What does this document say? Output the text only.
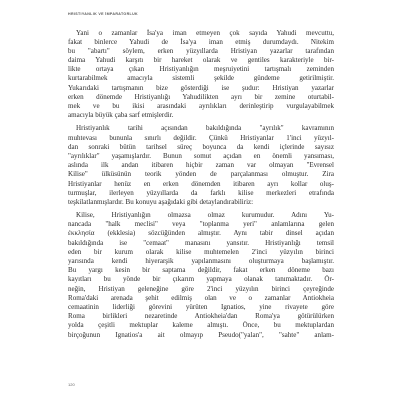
HRISTIYANLIK VE İMPARATORLUK
Yani o zamanlar İsa'ya iman etmeyen çok sayıda Yahudi mevcuttu,
fakat binlerce Yahudi de İsa'ya iman etmiş durumdaydı. Nitekim
bu "abartı" söylem, erken yüzyıllarda Hristiyan yazarlar tarafından
daima Yahudi karşıtı bir hareket olarak ve gentiles karakteriyle bir-
likte ortaya çıkan Hristiyanlığın meşruiyetini tartışmalı zeminden
kurtarabilmek amacıyla sistemli şekilde gündeme getirilmiştir.
Yukarıdaki tartışmanın bize gösterdiği ise şudur: Hristiyan yazarlar
erken dönemde Hristiyanlığı Yahudilikten ayrı bir zemine oturtabil-
mek ve bu ikisi arasındaki ayrılıkları derinleştirip vurgulayabilmek
amacıyla büyük çaba sarf etmişlerdir.
Hristiyanlık tarihi açısından bakıldığında "ayrılık" kavramının
muhtevası bununla sınırlı değildir. Çünkü Hristiyanlar 1'inci yüzyıl-
dan sonraki bütün tarihsel süreç boyunca da kendi içlerinde sayısız
"ayrılıklar" yaşamışlardır. Bunun somut açıdan en önemli yansıması,
aslında ilk andan itibaren hiçbir zaman var olmayan "Evrensel
Kilise" ülküsünün teorik yönden de parçalanması olmuştur. Zira
Hristiyanlar henüz en erken dönemden itibaren ayrı kollar oluş-
turmuşlar, ilerleyen yüzyıllarda da farklı kilise merkezleri etrafında
teşkilatlanmışlardır. Bu konuyu aşağıdaki gibi detaylandırabiliriz:
Kilise, Hristiyanlığın olmazsa olmaz kurumudur. Adını Yu-
nancada "halk meclisi" veya "toplanma yeri" anlamlarına gelen
ἐκκλησία (ekklesia) sözcüğünden almıştır. Aynı tabir dinsel açıdan
bakıldığında ise "cemaat" manasını yansıtır. Hristiyanlığı temsil
eden bir kurum olarak kilise muhtemelen 2'inci yüzyılın birinci
yarısında kendi hiyerarşik yapılanmasını oluşturmaya başlamıştır.
Bu yargı kesin bir saptama değildir, fakat erken döneme bazı
kayıtları bu yönde bir çıkarım yapmaya olanak tanımaktadır. Ör-
neğin, Hristiyan geleneğine göre 2'inci yüzyılın birinci çeyreğinde
Roma'daki arenada şehit edilmiş olan ve o zamanlar Antiokheia
cemaatinin liderliği görevini yürüten Ignatios, yine rivayete göre
Roma birlikleri nezaretinde Antiokheia'dan Roma'ya götürülürken
yolda çeşitli mektuplar kaleme almıştı. Önce, bu mektuplardan
birçoğunun Ignatios'a ait olmayıp Pseudo("yalan", "sahte" anlam-
120
